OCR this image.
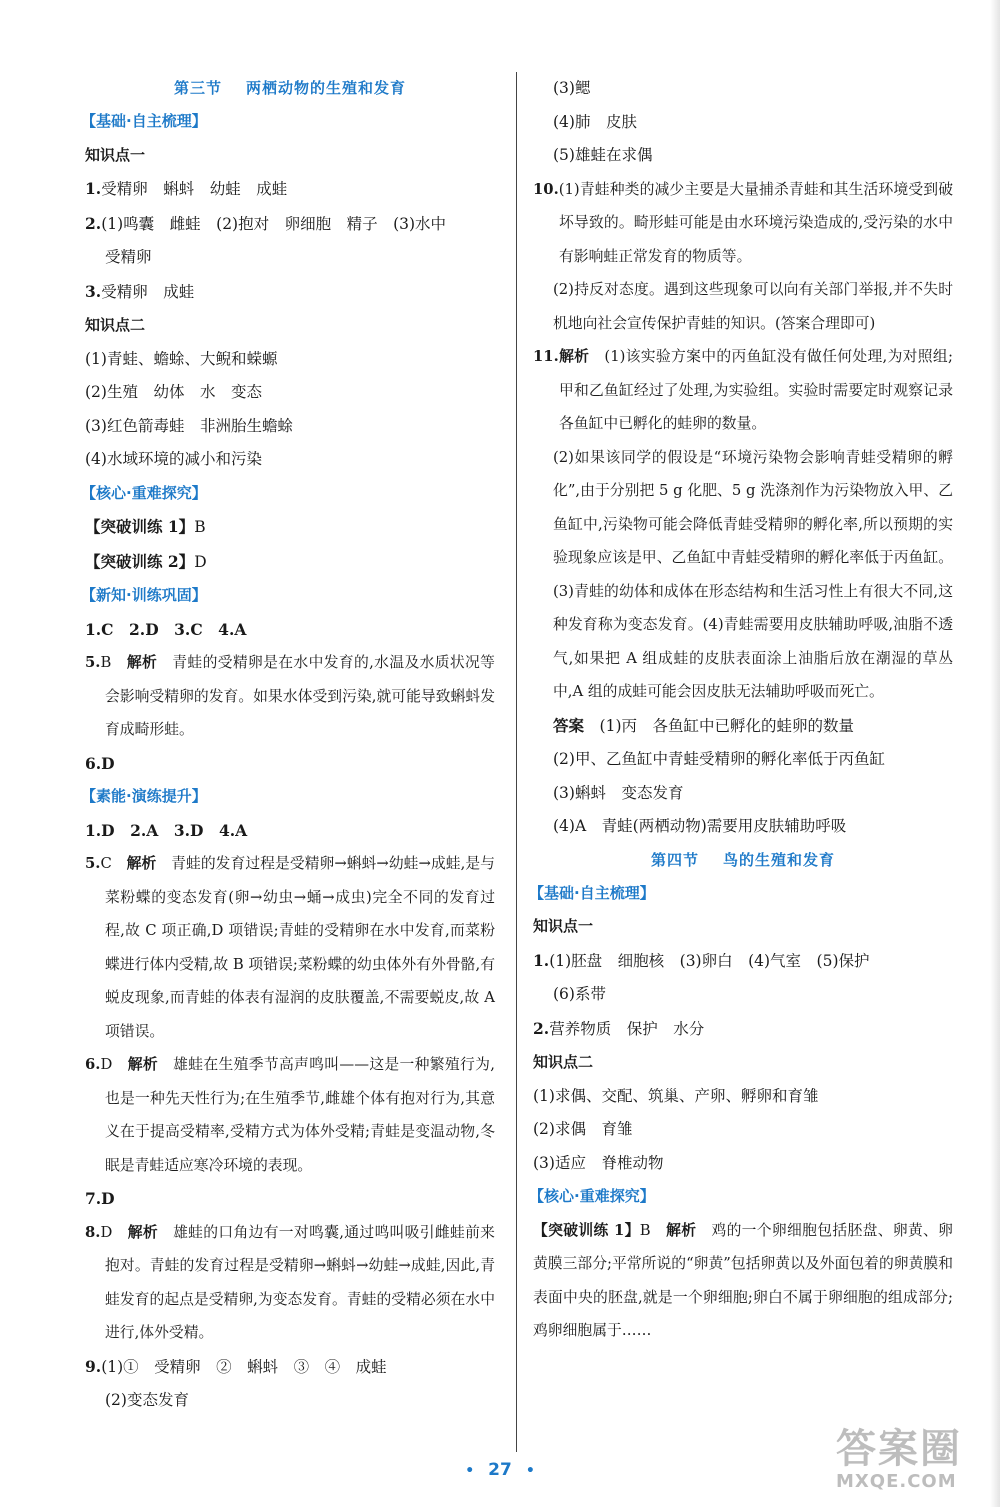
第三节 两栖动物的生殖和发育
【基础·自主梳理】
知识点一
1.受精卵　蝌蚪　幼蛙　成蛙
2.(1)鸣囊　雌蛙　(2)抱对　卵细胞　精子　(3)水中
受精卵
3.受精卵　成蛙
知识点二
(1)青蛙、蟾蜍、大鲵和蝾螈
(2)生殖　幼体　水　变态
(3)红色箭毒蛙　非洲胎生蟾蜍
(4)水域环境的减小和污染
【核心·重难探究】
【突破训练 1】B
【突破训练 2】D
【新知·训练巩固】
1.C　2.D　3.C　4.A
5.B　 解析　 青蛙的受精卵是在水中发育的,水温及水质状况等会影响受精卵的发育。如果水体受到污染,就可能导致蝌蚪发育成畸形蛙。
6.D
【素能·演练提升】
1.D　2.A　3.D　4.A
5.C　 解析　 青蛙的发育过程是受精卵→蝌蚪→幼蛙→成蛙,是与菜粉蝶的变态发育(卵→幼虫→蛹→成虫)完全不同的发育过程,故 C 项正确,D 项错误;青蛙的受精卵在水中发育,而菜粉蝶进行体内受精,故 B 项错误;菜粉蝶的幼虫体外有外骨骼,有蜕皮现象,而青蛙的体表有湿润的皮肤覆盖,不需要蜕皮,故 A 项错误。
6.D　 解析　 雄蛙在生殖季节高声鸣叫——这是一种繁殖行为,也是一种先天性行为;在生殖季节,雌雄个体有抱对行为,其意义在于提高受精率,受精方式为体外受精;青蛙是变温动物,冬眠是青蛙适应寒冷环境的表现。
7.D
8.D　 解析　 雄蛙的口角边有一对鸣囊,通过鸣叫吸引雌蛙前来抱对。青蛙的发育过程是受精卵→蝌蚪→幼蛙→成蛙,因此,青蛙发育的起点是受精卵,为变态发育。青蛙的受精必须在水中进行,体外受精。
9.(1)①　受精卵　②　蝌蚪　③　④　成蛙
(2)变态发育
(3)鳃
(4)肺　皮肤
(5)雄蛙在求偶
10.(1)青蛙种类的减少主要是大量捕杀青蛙和其生活环境受到破坏导致的。畸形蛙可能是由水环境污染造成的,受污染的水中有影响蛙正常发育的物质等。
(2)持反对态度。遇到这些现象可以向有关部门举报,并不失时机地向社会宣传保护青蛙的知识。(答案合理即可)
11.解析　 (1)该实验方案中的丙鱼缸没有做任何处理,为对照组;甲和乙鱼缸经过了处理,为实验组。实验时需要定时观察记录各鱼缸中已孵化的蛙卵的数量。
(2)如果该同学的假设是“环境污染物会影响青蛙受精卵的孵化”,由于分别把 5 g 化肥、5 g 洗涤剂作为污染物放入甲、乙鱼缸中,污染物可能会降低青蛙受精卵的孵化率,所以预期的实验现象应该是甲、乙鱼缸中青蛙受精卵的孵化率低于丙鱼缸。(3)青蛙的幼体和成体在形态结构和生活习性上有很大不同,这种发育称为变态发育。(4)青蛙需要用皮肤辅助呼吸,油脂不透气,如果把 A 组成蛙的皮肤表面涂上油脂后放在潮湿的草丛中,A 组的成蛙可能会因皮肤无法辅助呼吸而死亡。
答案　 (1)丙　各鱼缸中已孵化的蛙卵的数量
(2)甲、乙鱼缸中青蛙受精卵的孵化率低于丙鱼缸
(3)蝌蚪　变态发育
(4)A　青蛙(两栖动物)需要用皮肤辅助呼吸
第四节 鸟的生殖和发育
【基础·自主梳理】
知识点一
1.(1)胚盘　细胞核　(3)卵白　(4)气室　(5)保护
(6)系带
2.营养物质　保护　水分
知识点二
(1)求偶、交配、筑巢、产卵、孵卵和育雏
(2)求偶　育雏
(3)适应　脊椎动物
【核心·重难探究】
【突破训练 1】B　 解析　 鸡的一个卵细胞包括胚盘、卵黄、卵黄膜三部分;平常所说的“卵黄”包括卵黄以及外面包着的卵黄膜和表面中央的胚盘,就是一个卵细胞;卵白不属于卵细胞的组成部分;鸡卵细胞属于……
• 27 •	答案圈
MXQE.COM
